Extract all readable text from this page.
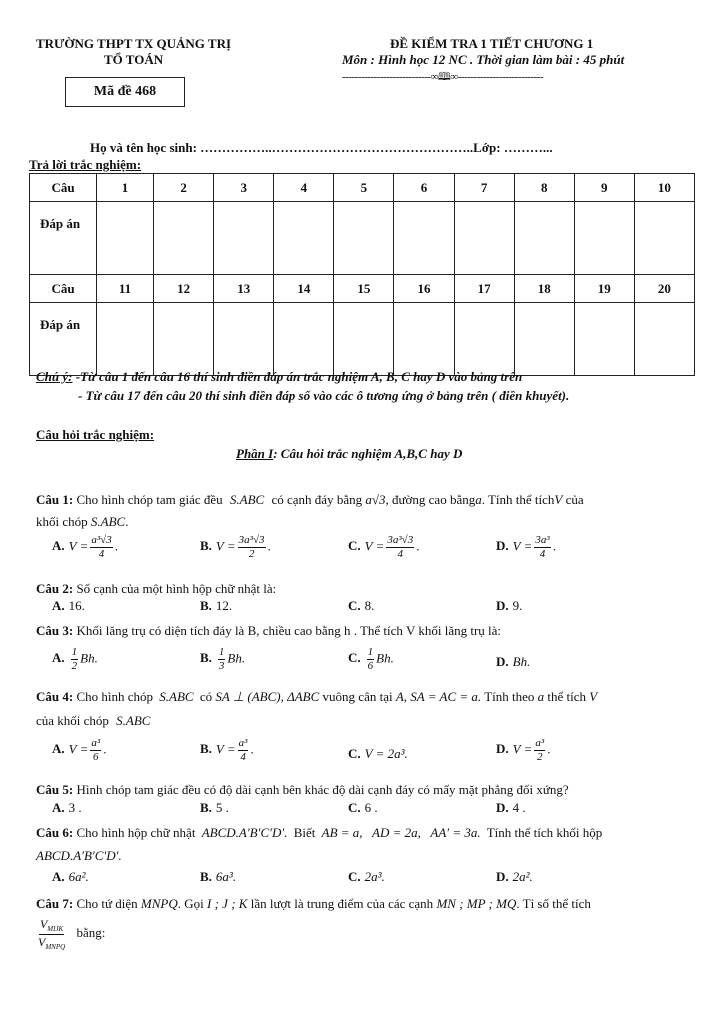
TRƯỜNG THPT TX QUẢNG TRỊ
TỔ TOÁN
ĐỀ KIỂM TRA 1 TIẾT CHƯƠNG 1
Môn : Hình học 12 NC . Thời gian làm bài : 45 phút
----------------------------∞🕮∞---------------------------
Mã đề 468
Họ và tên học sinh: ……………..………………………………………..Lớp: ………...
Trả lời trắc nghiệm:
Câu	1	2	3	4	5	6	7	8	9	10
Đáp án										
Câu	11	12	13	14	15	16	17	18	19	20
Đáp án										
Chú ý: -Từ câu 1 đến câu 16 thí sinh điền đáp án trắc nghiệm A, B, C hay D vào bảng trên
- Từ câu 17 đến câu 20 thí sinh điền đáp số vào các ô tương ứng ở bảng trên ( điền khuyết).
Câu hỏi trắc nghiệm:
Phần I: Câu hỏi trắc nghiệm A,B,C hay D
Câu 1: Cho hình chóp tam giác đều S.ABC có cạnh đáy bằng a√3, đường cao bằnga. Tính thể tíchV của
khối chóp S.ABC.
A. $V = \frac{\text{a³√3}}{4}$ .	B. $V = \frac{\text{3a³√3}}{2}$ .	C. $V = \frac{\text{3a³√3}}{4}$ .	D. $V = \frac{\text{3a³}}{4}$ .
Câu 2: Số cạnh của một hình hộp chữ nhật là:
A. 16.	B. 12.	C. 8.	D. 9.
Câu 3: Khối lăng trụ có diện tích đáy là B, chiều cao bằng h . Thể tích V khối lăng trụ là:
A. $\frac{1}{2} Bh$.	B. $\frac{1}{3} Bh$.	C. $\frac{1}{6} Bh$.	D. Bh.
Câu 4: Cho hình chóp S.ABC có SA ⊥ (ABC), ΔABC vuông cân tại A, SA = AC = a. Tính theo a thể tích V
của khối chóp S.ABC
A. $V = \frac{\text{a³}}{6}$ .	B. $V = \frac{\text{a³}}{4}$ .	C. V = 2a³.	D. $V = \frac{\text{a³}}{2}$ .
Câu 5: Hình chóp tam giác đều có độ dài cạnh bên khác độ dài cạnh đáy có mấy mặt phẳng đối xứng?
A. 3 .	B. 5 .	C. 6 .	D. 4 .
Câu 6: Cho hình hộp chữ nhật ABCD.A′B′C′D′. Biết AB = a,   AD = 2a,   AA′ = 3a. Tính thể tích khối hộp
ABCD.A′B′C′D′.
A. 6a².	B. 6a³.	C. 2a³.	D. 2a².
Câu 7: Cho tứ diện MNPQ. Gọi I ; J ; K lần lượt là trung điểm của các cạnh MN ; MP ; MQ. Tỉ số thể tích
$\frac{V_{MIJK}}{V_{MNPQ}}$ bằng:
